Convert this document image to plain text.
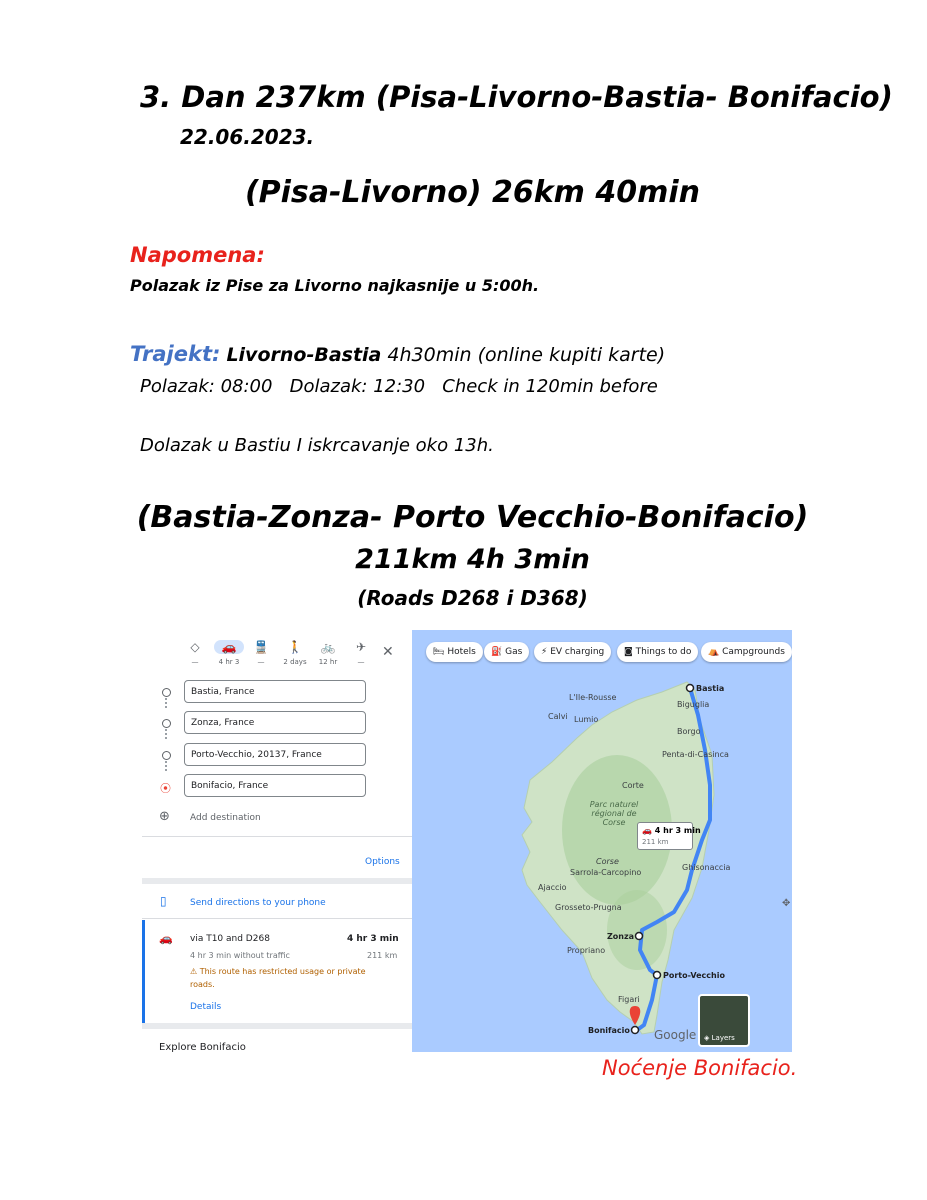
3. Dan 237km (Pisa-Livorno-Bastia- Bonifacio)
22.06.2023.
(Pisa-Livorno) 26km 40min
Napomena:
Polazak iz Pise za Livorno najkasnije u 5:00h.
Trajekt: Livorno-Bastia 4h30min (online kupiti karte)
Polazak: 08:00   Dolazak: 12:30   Check in 120min before
Dolazak u Bastiu I iskrcavanje oko 13h.
(Bastia-Zonza- Porto Vecchio-Bonifacio)
211km 4h 3min
(Roads D268 i D368)
◇
—
🚗
4 hr 3
🚆
—
🚶
2 days
🚲
12 hr
✈
—
✕
⦿
Bastia, France
Zonza, France
Porto-Vecchio, 20137, France
Bonifacio, France
⊕ Add destination
Options
▯	Send directions to your phone
🚗 via T10 and D268	4 hr 3 min
4 hr 3 min without traffic	211 km
⚠ This route has restricted usage or private roads.
Details
Explore Bonifacio
🛏 Hotels	⛽ Gas	⚡ EV charging	◙ Things to do	⛺ Campgrounds
Bastia
Zonza
Porto-Vecchio
Bonifacio
L'Ile-Rousse
Calvi Lumio
Biguglia
Borgo
Penta-di-Casinca
Corte
Ghisonaccia
Corse
Sarrola-Carcopino
Ajaccio
Grosseto-Prugna
Propriano
Figari
Parc naturel régional de Corse
🚗 4 hr 3 min
211 km
◈ Layers
Google
✥
Noćenje Bonifacio.
